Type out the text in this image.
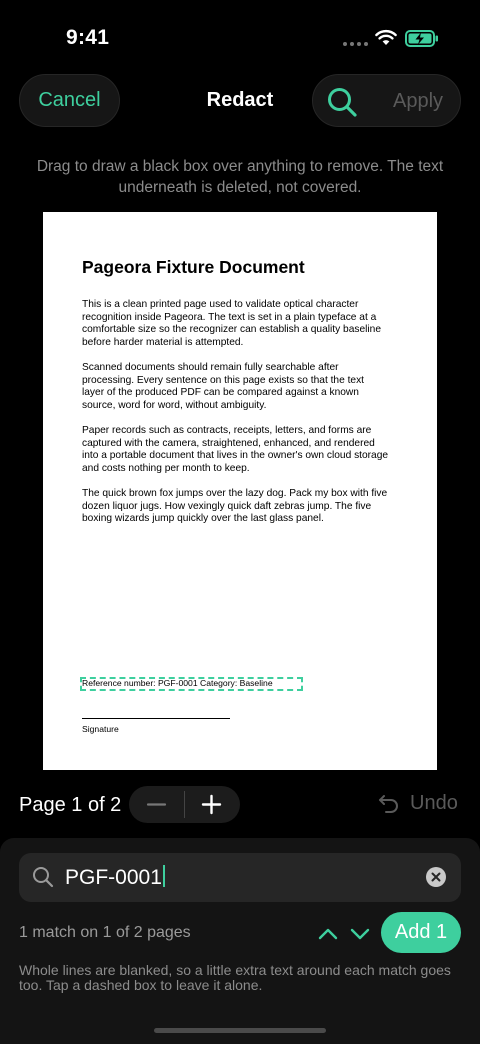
9:41
Cancel	Redact	Apply
Drag to draw a black box over anything to remove. The text underneath is deleted, not covered.
Pageora Fixture Document
This is a clean printed page used to validate optical character
recognition inside Pageora. The text is set in a plain typeface at a
comfortable size so the recognizer can establish a quality baseline
before harder material is attempted.
Scanned documents should remain fully searchable after
processing. Every sentence on this page exists so that the text
layer of the produced PDF can be compared against a known
source, word for word, without ambiguity.
Paper records such as contracts, receipts, letters, and forms are
captured with the camera, straightened, enhanced, and rendered
into a portable document that lives in the owner's own cloud storage
and costs nothing per month to keep.
The quick brown fox jumps over the lazy dog. Pack my box with five
dozen liquor jugs. How vexingly quick daft zebras jump. The five
boxing wizards jump quickly over the last glass panel.
Reference number: PGF-0001 Category: Baseline
Signature
Page 1 of 2	Undo
PGF-0001
1 match on 1 of 2 pages	Add 1
Whole lines are blanked, so a little extra text around each match goes too. Tap a dashed box to leave it alone.
